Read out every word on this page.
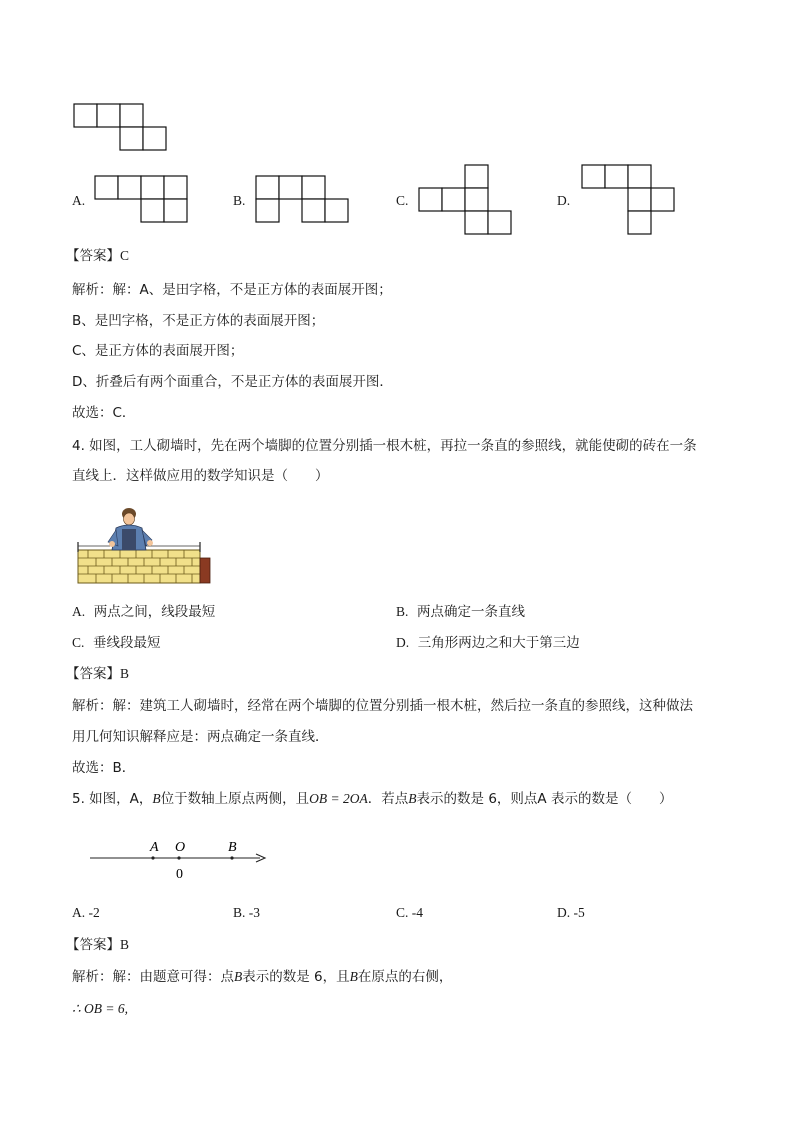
A.	B.	C.	D.
【答案】C
解析：解：A、是田字格，不是正方体的表面展开图；
B、是凹字格，不是正方体的表面展开图；
C、是正方体的表面展开图；
D、折叠后有两个面重合，不是正方体的表面展开图．
故选：C．
4. 如图，工人砌墙时，先在两个墙脚的位置分别插一根木桩，再拉一条直的参照线，就能使砌的砖在一条
直线上．这样做应用的数学知识是（　　）
A. 两点之间，线段最短	B. 两点确定一条直线
C. 垂线段最短	D. 三角形两边之和大于第三边
【答案】B
解析：解：建筑工人砌墙时，经常在两个墙脚的位置分别插一根木桩，然后拉一条直的参照线，这种做法
用几何知识解释应是：两点确定一条直线．
故选：B．
5. 如图，A，B位于数轴上原点两侧，且OB = 2OA．若点B表示的数是 6，则点A 表示的数是（　　）
A O	B
0
A. -2	B. -3	C. -4	D. -5
【答案】B
解析：解：由题意可得：点B表示的数是 6，且B在原点的右侧，
∴ OB = 6,
